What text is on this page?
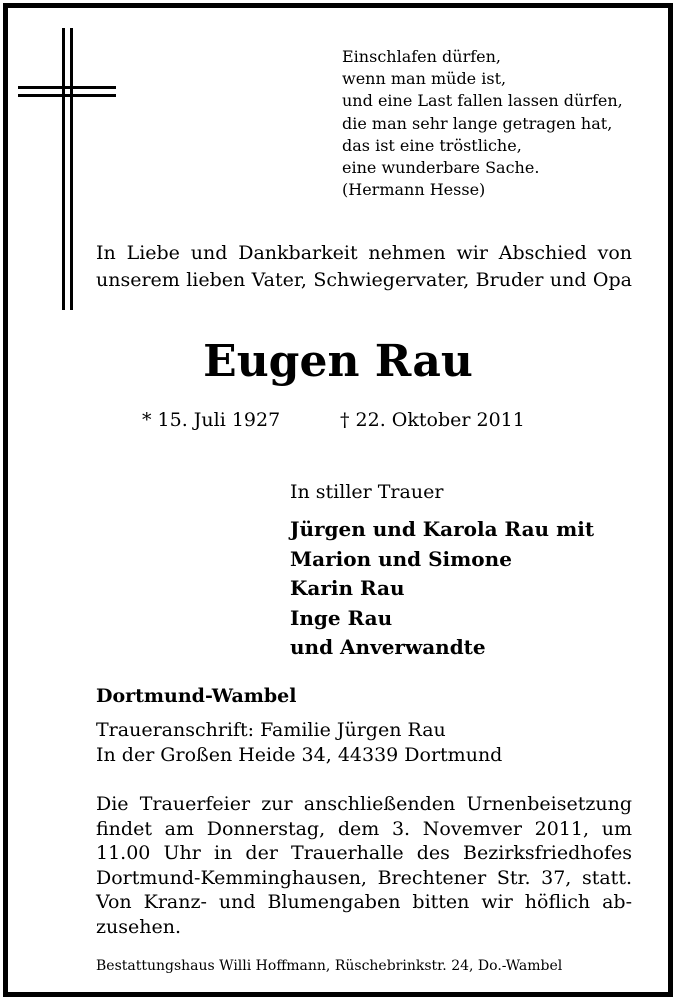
Einschlafen dürfen,
wenn man müde ist,
und eine Last fallen lassen dürfen,
die man sehr lange getragen hat,
das ist eine tröstliche,
eine wunderbare Sache.
(Hermann Hesse)
In Liebe und Dankbarkeit nehmen wir Abschied von
unserem lieben Vater, Schwiegervater, Bruder und Opa
Eugen Rau
* 15. Juli 1927	† 22. Oktober 2011
In stiller Trauer
Jürgen und Karola Rau mit
Marion und Simone
Karin Rau
Inge Rau
und Anverwandte
Dortmund-Wambel
Traueranschrift: Familie Jürgen Rau
In der Großen Heide 34, 44339 Dortmund
Die Trauerfeier zur anschließenden Urnenbeisetzung
findet am Donnerstag, dem 3. Novemver 2011, um
11.00 Uhr in der Trauerhalle des Bezirksfriedhofes
Dortmund-Kemminghausen, Brechtener Str. 37, statt.
Von Kranz- und Blumengaben bitten wir höflich ab-
zusehen.
Bestattungshaus Willi Hoffmann, Rüschebrinkstr. 24, Do.-Wambel
